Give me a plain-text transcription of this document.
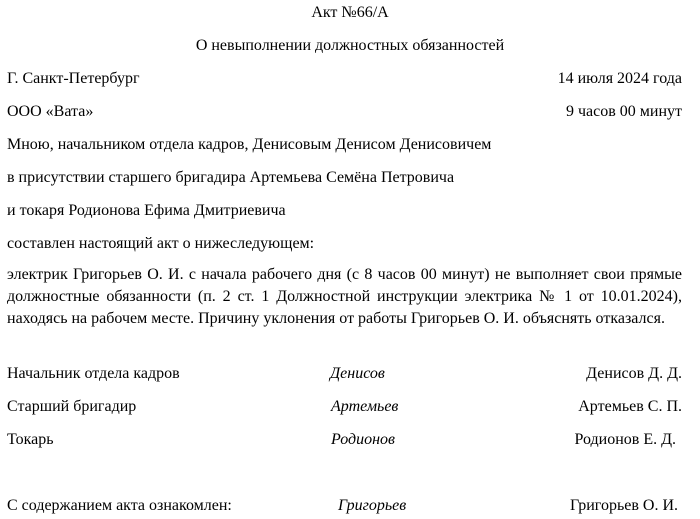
Акт №66/А
О невыполнении должностных обязанностей
Г. Санкт-Петербург	14 июля 2024 года
ООО «Вата»	9 часов 00 минут
Мною, начальником отдела кадров, Денисовым Денисом Денисовичем
в присутствии старшего бригадира Артемьева Семёна Петровича
и токаря Родионова Ефима Дмитриевича
составлен настоящий акт о нижеследующем:
электрик Григорьев О. И. с начала рабочего дня (с 8 часов 00 минут) не выполняет свои прямые должностные обязанности (п. 2 ст. 1 Должностной инструкции электрика № 1 от 10.01.2024), находясь на рабочем месте. Причину уклонения от работы Григорьев О. И. объяснять отказался.
Начальник отдела кадров	Денисов	Денисов Д. Д.
Старший бригадир	Артемьев	Артемьев С. П.
Токарь	Родионов	Родионов Е. Д.
С содержанием акта ознакомлен:	Григорьев	Григорьев О. И.
